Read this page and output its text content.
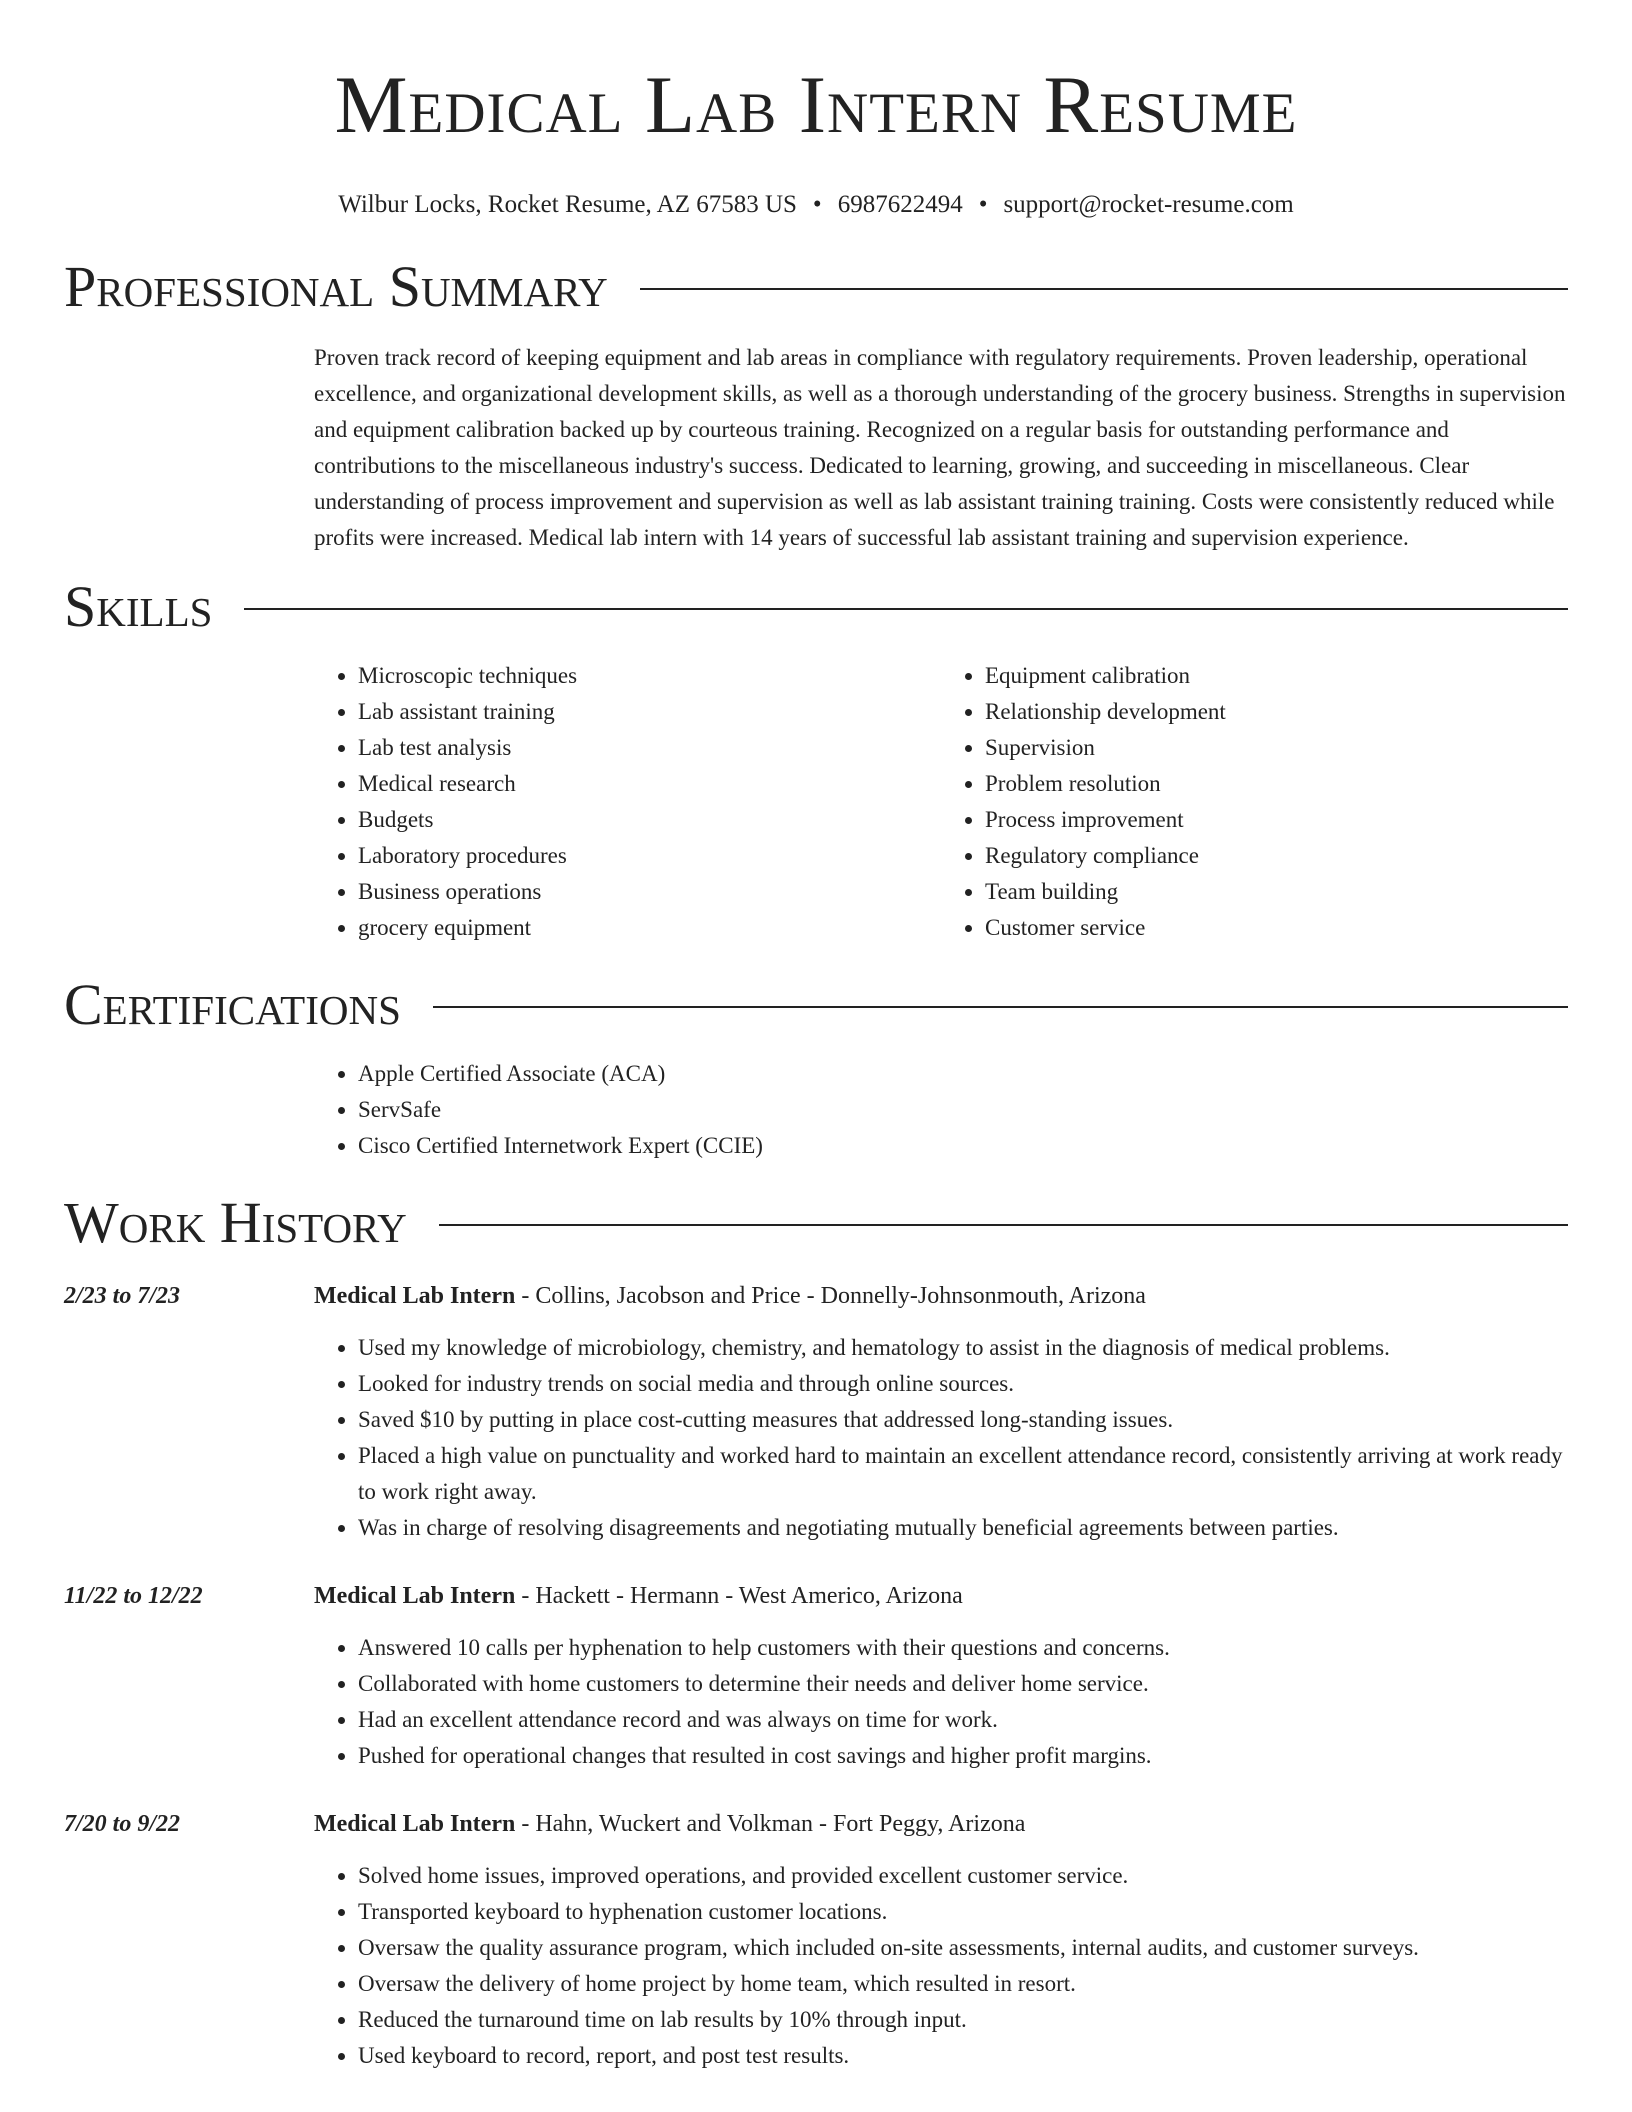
Medical Lab Intern Resume
Wilbur Locks, Rocket Resume, AZ 67583 US • 6987622494 • support@rocket-resume.com
Professional Summary
Proven track record of keeping equipment and lab areas in compliance with regulatory requirements. Proven leadership, operational excellence, and organizational development skills, as well as a thorough understanding of the grocery business. Strengths in supervision and equipment calibration backed up by courteous training. Recognized on a regular basis for outstanding performance and contributions to the miscellaneous industry's success. Dedicated to learning, growing, and succeeding in miscellaneous. Clear understanding of process improvement and supervision as well as lab assistant training training. Costs were consistently reduced while profits were increased. Medical lab intern with 14 years of successful lab assistant training and supervision experience.
Skills
• Microscopic techniques
• Lab assistant training
• Lab test analysis
• Medical research
• Budgets
• Laboratory procedures
• Business operations
• grocery equipment
• Equipment calibration
• Relationship development
• Supervision
• Problem resolution
• Process improvement
• Regulatory compliance
• Team building
• Customer service
Certifications
• Apple Certified Associate (ACA)
• ServSafe
• Cisco Certified Internetwork Expert (CCIE)
Work History
2/23 to 7/23	Medical Lab Intern - Collins, Jacobson and Price - Donnelly-Johnsonmouth, Arizona
• Used my knowledge of microbiology, chemistry, and hematology to assist in the diagnosis of medical problems.
• Looked for industry trends on social media and through online sources.
• Saved $10 by putting in place cost-cutting measures that addressed long-standing issues.
• Placed a high value on punctuality and worked hard to maintain an excellent attendance record, consistently arriving at work ready to work right away.
• Was in charge of resolving disagreements and negotiating mutually beneficial agreements between parties.
11/22 to 12/22	Medical Lab Intern - Hackett - Hermann - West Americo, Arizona
• Answered 10 calls per hyphenation to help customers with their questions and concerns.
• Collaborated with home customers to determine their needs and deliver home service.
• Had an excellent attendance record and was always on time for work.
• Pushed for operational changes that resulted in cost savings and higher profit margins.
7/20 to 9/22	Medical Lab Intern - Hahn, Wuckert and Volkman - Fort Peggy, Arizona
• Solved home issues, improved operations, and provided excellent customer service.
• Transported keyboard to hyphenation customer locations.
• Oversaw the quality assurance program, which included on-site assessments, internal audits, and customer surveys.
• Oversaw the delivery of home project by home team, which resulted in resort.
• Reduced the turnaround time on lab results by 10% through input.
• Used keyboard to record, report, and post test results.
